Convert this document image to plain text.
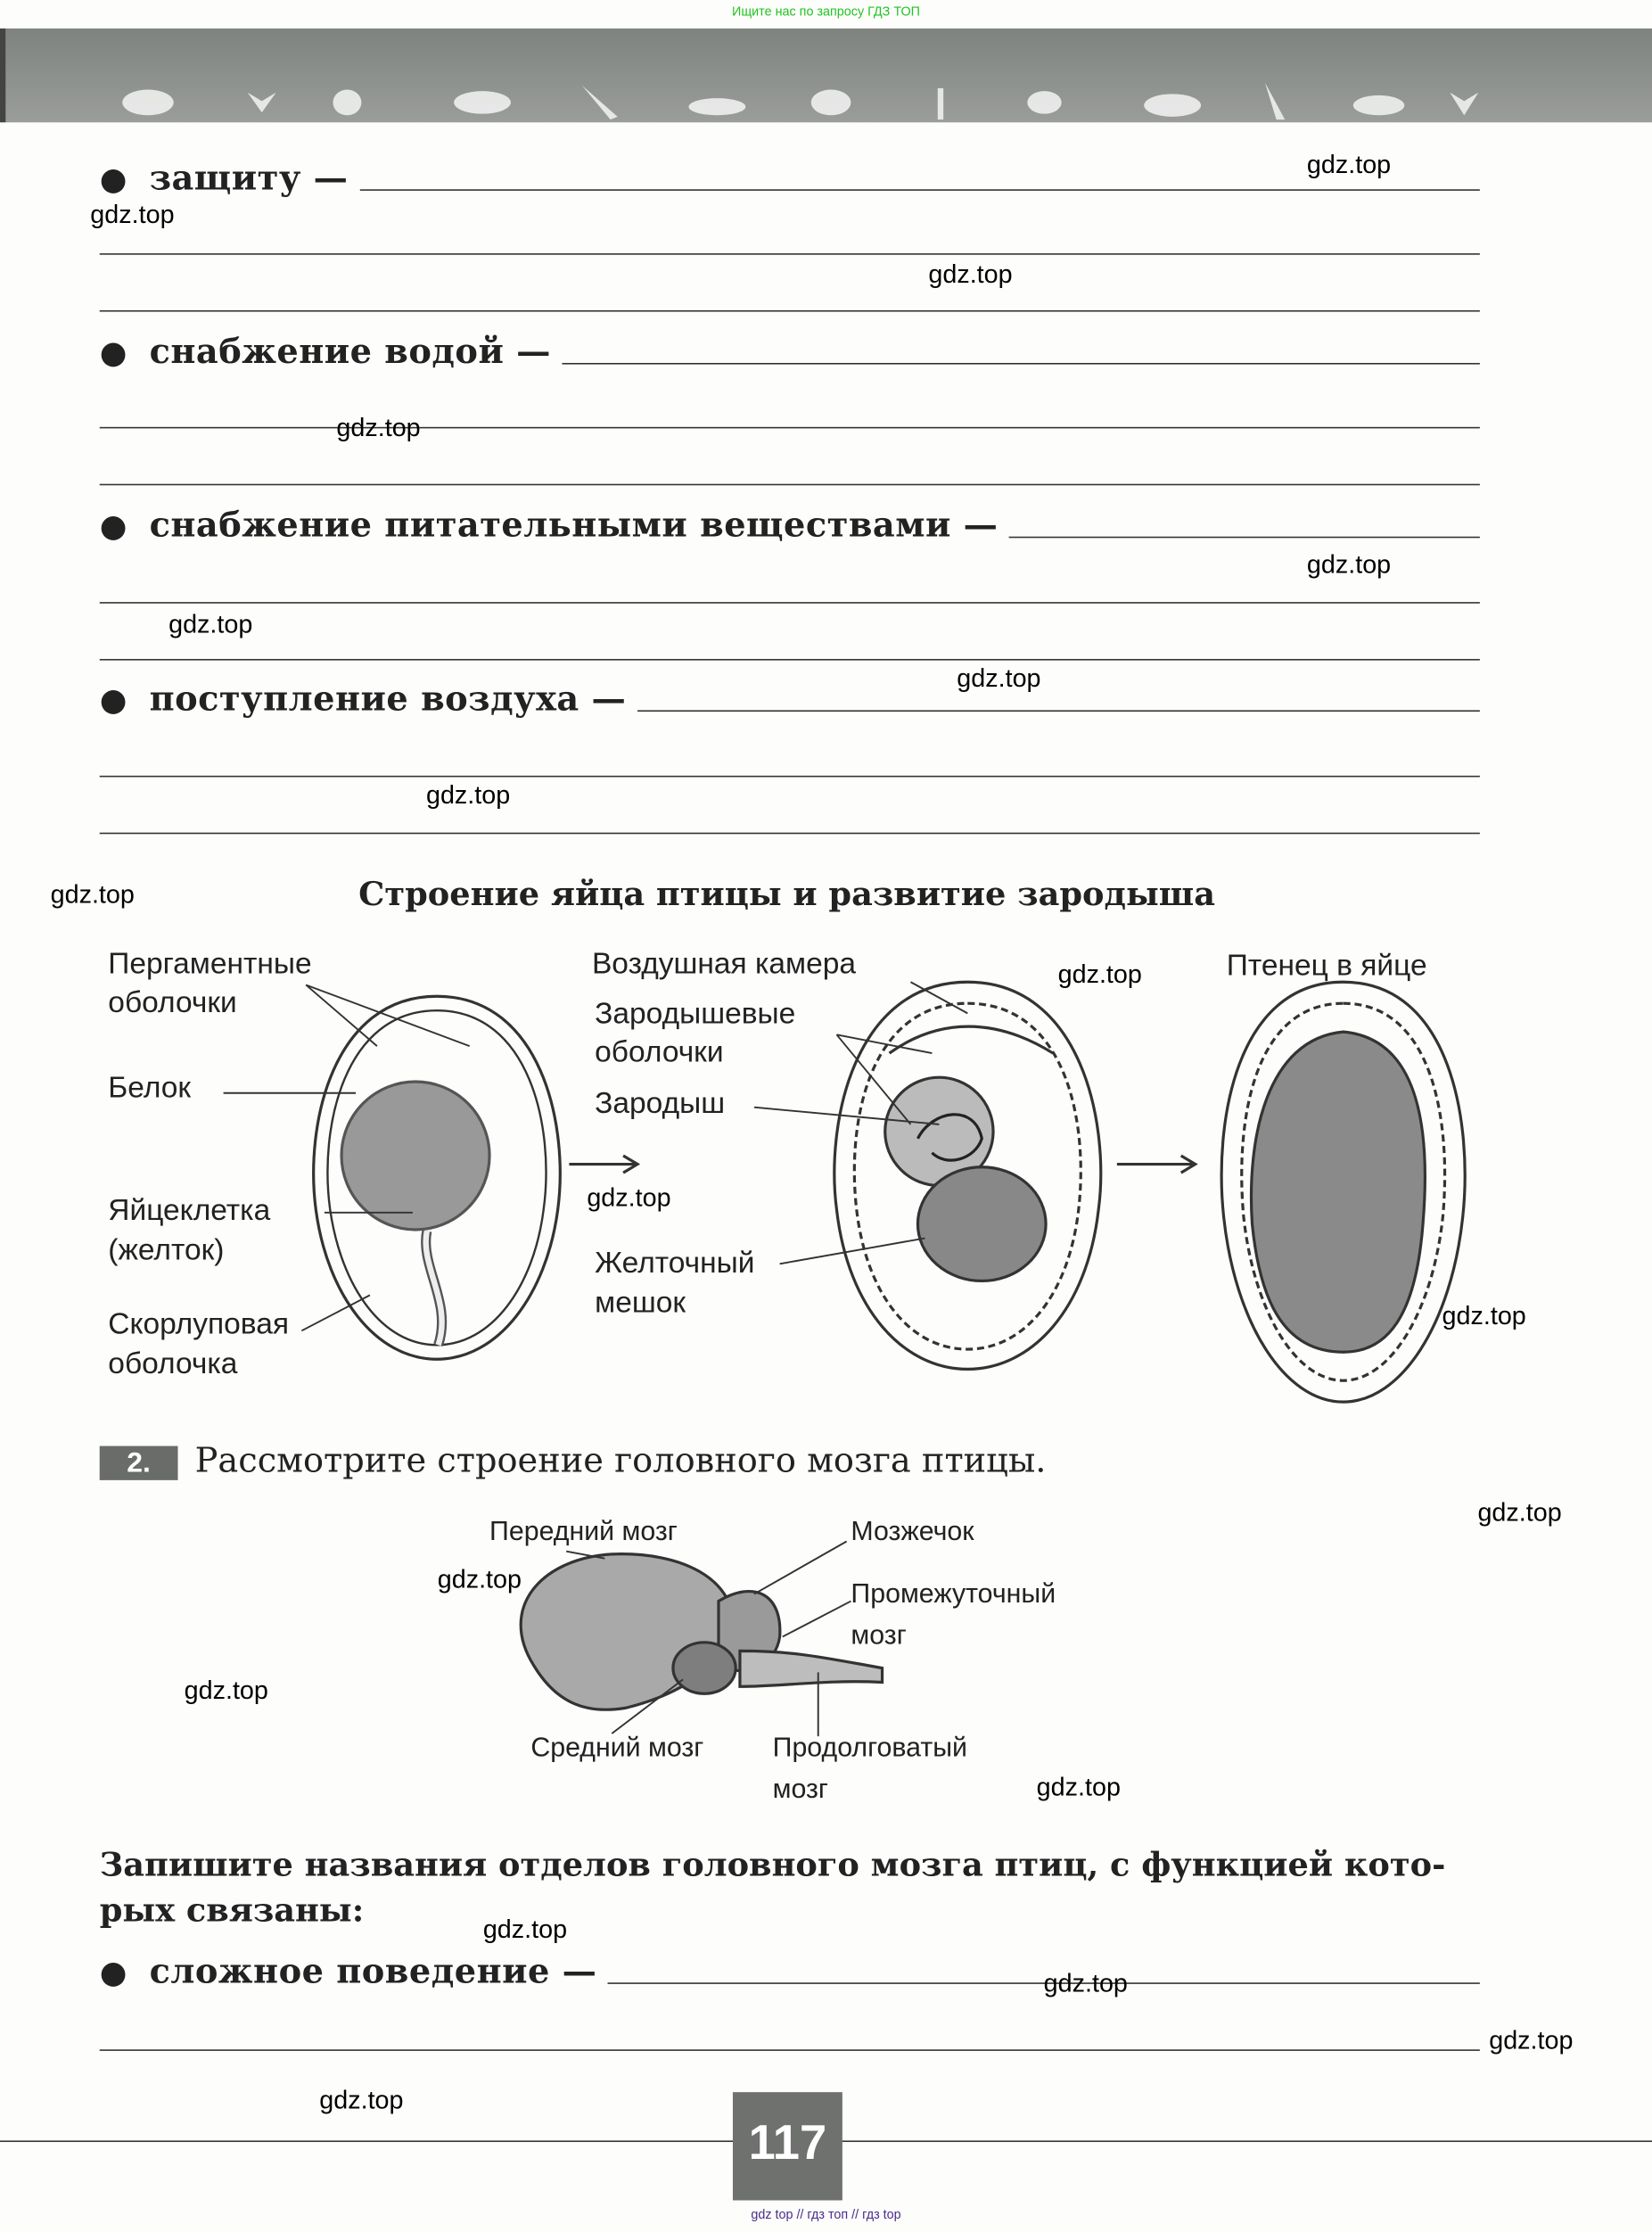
Ищите нас по запросу ГДЗ ТОП
●	защиту —
●	снабжение водой —
●	снабжение питательными веществами —
●	поступление воздуха —
Строение яйца птицы и развитие зародыша
Пергаментные
оболочки
Белок
Яйцеклетка
(желток)
Скорлуповая
оболочка
Воздушная камера
Зародышевые
оболочки
Зародыш
Желточный
мешок
Птенец в яйце
2.	Рассмотрите строение головного мозга птицы.
Передний мозг	Мозжечок
Промежуточный
мозг
Средний мозг	Продолговатый
мозг
Запишите названия отделов головного мозга птиц, с функцией кото-
рых связаны:
●	сложное поведение —
117
gdz top // гдз топ // гдз top
gdz.top
gdz.top
gdz.top
gdz.top
gdz.top
gdz.top
gdz.top
gdz.top
gdz.top
gdz.top
gdz.top
gdz.top
gdz.top
gdz.top
gdz.top
gdz.top
gdz.top
gdz.top
gdz.top
gdz.top
